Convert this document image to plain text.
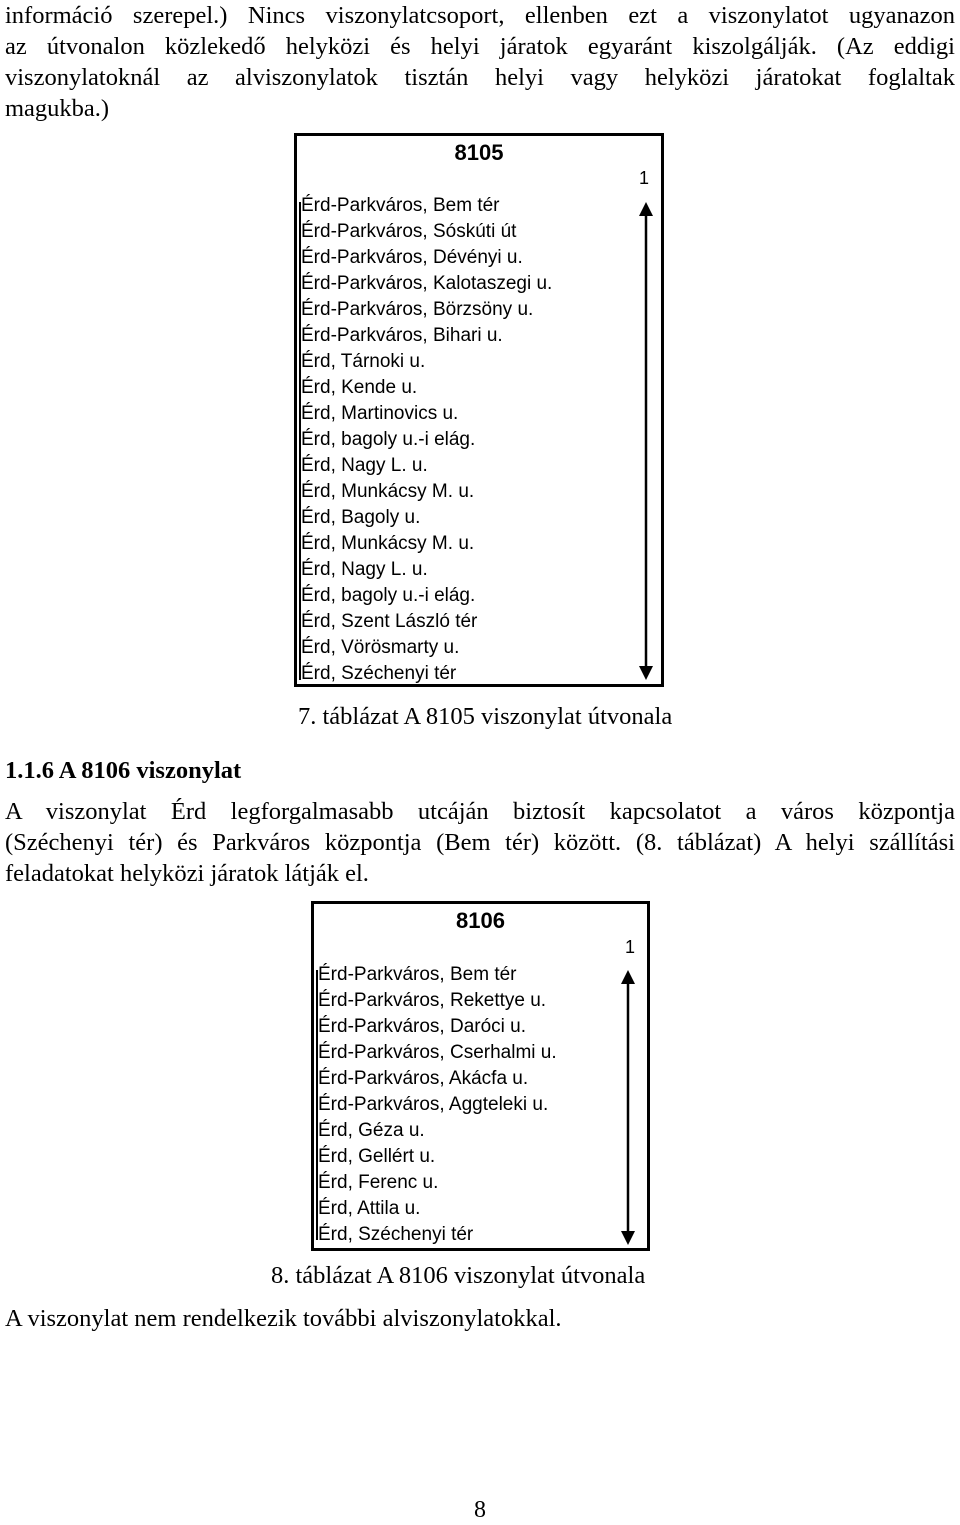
információ szerepel.) Nincs viszonylatcsoport, ellenben ezt a viszonylatot ugyanazon
az útvonalon közlekedő helyközi és helyi járatok egyaránt kiszolgálják. (Az eddigi
viszonylatoknál az alviszonylatok tisztán helyi vagy helyközi járatokat foglaltak
magukba.)
8105
1
Érd-Parkváros, Bem tér
Érd-Parkváros, Sóskúti út
Érd-Parkváros, Dévényi u.
Érd-Parkváros, Kalotaszegi u.
Érd-Parkváros, Börzsöny u.
Érd-Parkváros, Bihari u.
Érd, Tárnoki u.
Érd, Kende u.
Érd, Martinovics u.
Érd, bagoly u.-i elág.
Érd, Nagy L. u.
Érd, Munkácsy M. u.
Érd, Bagoly u.
Érd, Munkácsy M. u.
Érd, Nagy L. u.
Érd, bagoly u.-i elág.
Érd, Szent László tér
Érd, Vörösmarty u.
Érd, Széchenyi tér
7. táblázat A 8105 viszonylat útvonala
1.1.6 A 8106 viszonylat
A viszonylat Érd legforgalmasabb utcáján biztosít kapcsolatot a város központja
(Széchenyi tér) és Parkváros központja (Bem tér) között. (8. táblázat) A helyi szállítási
feladatokat helyközi járatok látják el.
8106
1
Érd-Parkváros, Bem tér
Érd-Parkváros, Rekettye u.
Érd-Parkváros, Daróci u.
Érd-Parkváros, Cserhalmi u.
Érd-Parkváros, Akácfa u.
Érd-Parkváros, Aggteleki u.
Érd, Géza u.
Érd, Gellért u.
Érd, Ferenc u.
Érd, Attila u.
Érd, Széchenyi tér
8. táblázat A 8106 viszonylat útvonala
A viszonylat nem rendelkezik további alviszonylatokkal.
8
